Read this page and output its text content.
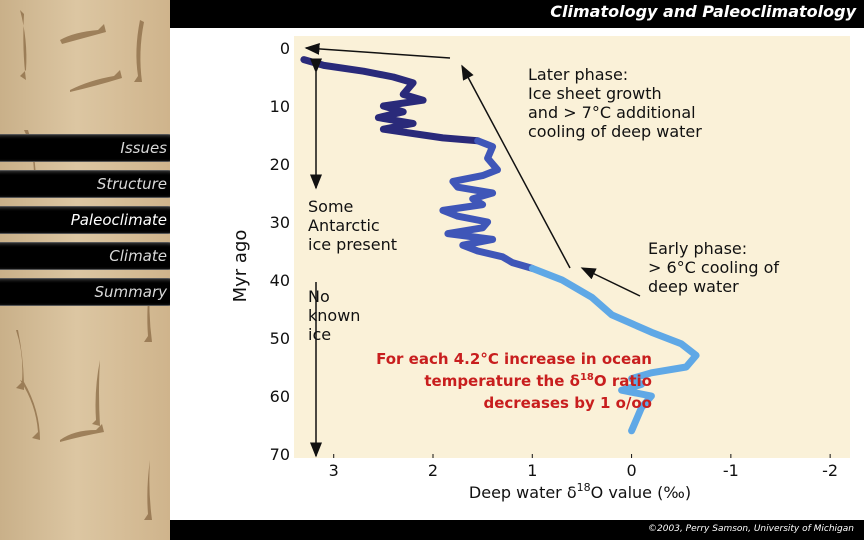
Issues
Structure
Paleoclimate
Climate
Summary
Climatology and Paleoclimatology
0
10
20
30
40
50
60
70
3	2	1	0	-1	-2
Myr ago
Deep water $\delta^{18}O$ value (‰)
Later phase: Ice sheet growth and > 7°C additional cooling of deep water
Early phase: > 6°C cooling of deep water
Some Antarctic ice present
No known ice
For each 4.2°C increase in ocean temperature the $\delta^{18}O$ ratio decreases by 1 o/oo
©2003, Perry Samson, University of Michigan
